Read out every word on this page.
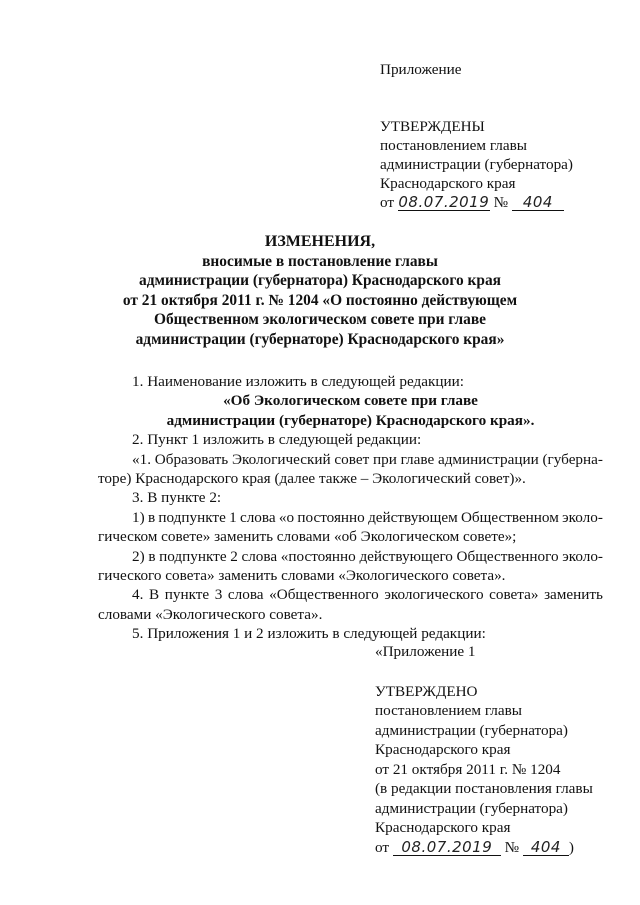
Приложение
УТВЕРЖДЕНЫ
постановлением главы
администрации (губернатора)
Краснодарского края
от 08.07.2019 № 404
ИЗМЕНЕНИЯ,
вносимые в постановление главы
администрации (губернатора) Краснодарского края
от 21 октября 2011 г. № 1204 «О постоянно действующем
Общественном экологическом совете при главе
администрации (губернаторе) Краснодарского края»
1. Наименование изложить в следующей редакции:
«Об Экологическом совете при главе
администрации (губернаторе) Краснодарского края».
2. Пункт 1 изложить в следующей редакции:
«1. Образовать Экологический совет при главе администрации (губерна-
торе) Краснодарского края (далее также – Экологический совет)».
3. В пункте 2:
1) в подпункте 1 слова «о постоянно действующем Общественном эколо-
гическом совете» заменить словами «об Экологическом совете»;
2) в подпункте 2 слова «постоянно действующего Общественного эколо-
гического совета» заменить словами «Экологического совета».
4. В пункте 3 слова «Общественного экологического совета» заменить
словами «Экологического совета».
5. Приложения 1 и 2 изложить в следующей редакции:
«Приложение 1
УТВЕРЖДЕНО
постановлением главы
администрации (губернатора)
Краснодарского края
от 21 октября 2011 г. № 1204
(в редакции постановления главы
администрации (губернатора)
Краснодарского края
от 08.07.2019 № 404 )
